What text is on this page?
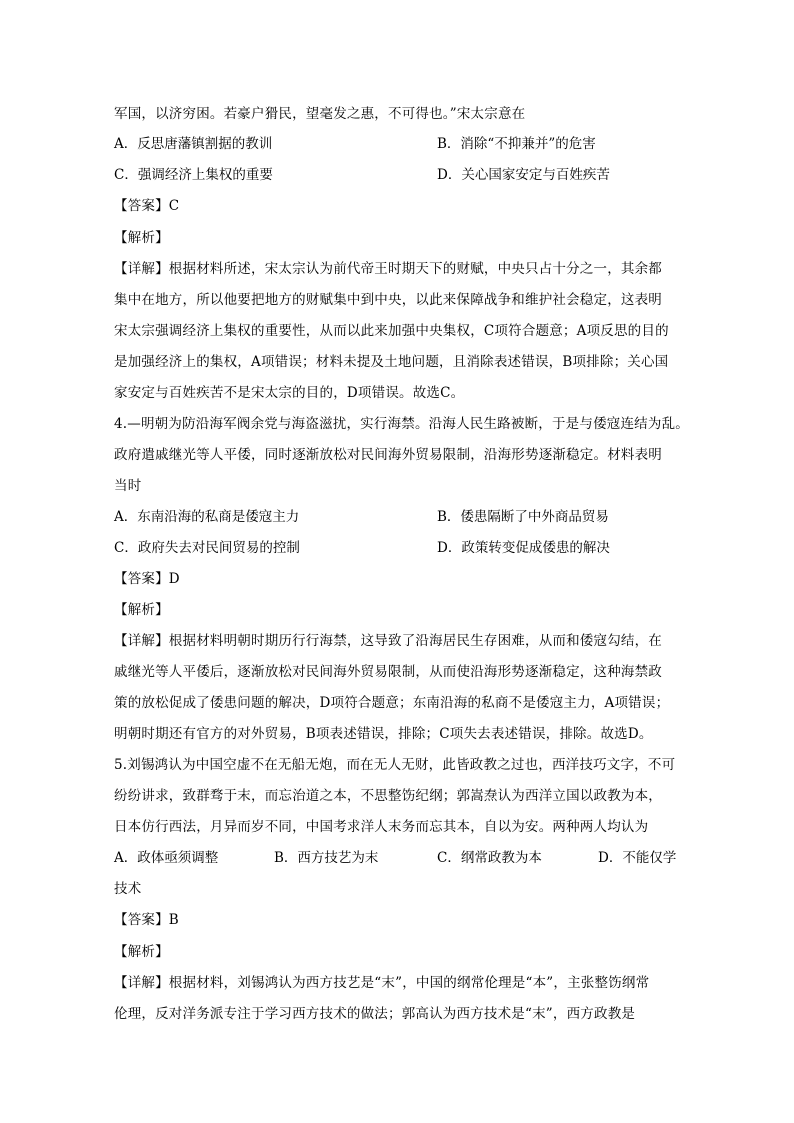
军国，以济穷困。若豪户猾民，望毫发之惠，不可得也。”宋太宗意在
A．反思唐藩镇割据的教训	B．消除“不抑兼并”的危害
C．强调经济上集权的重要	D．关心国家安定与百姓疾苦
【答案】C
【解析】
【详解】根据材料所述，宋太宗认为前代帝王时期天下的财赋，中央只占十分之一，其余都
集中在地方，所以他要把地方的财赋集中到中央，以此来保障战争和维护社会稳定，这表明
宋太宗强调经济上集权的重要性，从而以此来加强中央集权，C项符合题意；A项反思的目的
是加强经济上的集权，A项错误；材料未提及土地问题，且消除表述错误，B项排除；关心国
家安定与百姓疾苦不是宋太宗的目的，D项错误。故选C。
4.—明朝为防沿海军阀余党与海盗滋扰，实行海禁。沿海人民生路被断，于是与倭寇连结为乱。
政府遣戚继光等人平倭，同时逐渐放松对民间海外贸易限制，沿海形势逐渐稳定。材料表明
当时
A．东南沿海的私商是倭寇主力	B．倭患隔断了中外商品贸易
C．政府失去对民间贸易的控制	D．政策转变促成倭患的解决
【答案】D
【解析】
【详解】根据材料明朝时期历行行海禁，这导致了沿海居民生存困难，从而和倭寇勾结，在
戚继光等人平倭后，逐渐放松对民间海外贸易限制，从而使沿海形势逐渐稳定，这种海禁政
策的放松促成了倭患问题的解决，D项符合题意；东南沿海的私商不是倭寇主力，A项错误；
明朝时期还有官方的对外贸易，B项表述错误，排除；C项失去表述错误，排除。故选D。
5.刘锡鸿认为中国空虚不在无船无炮，而在无人无财，此皆政教之过也，西洋技巧文字，不可
纷纷讲求，致群骛于末，而忘治道之本，不思整饬纪纲；郭嵩焘认为西洋立国以政教为本，
日本仿行西法，月异而岁不同，中国考求洋人末务而忘其本，自以为安。两种两人均认为
A．政体亟须调整	B．西方技艺为末	C．纲常政教为本	D．不能仅学
技术
【答案】B
【解析】
【详解】根据材料，刘锡鸿认为西方技艺是“末”，中国的纲常伦理是“本”，主张整饬纲常
伦理，反对洋务派专注于学习西方技术的做法；郭高认为西方技术是“末”，西方政教是
